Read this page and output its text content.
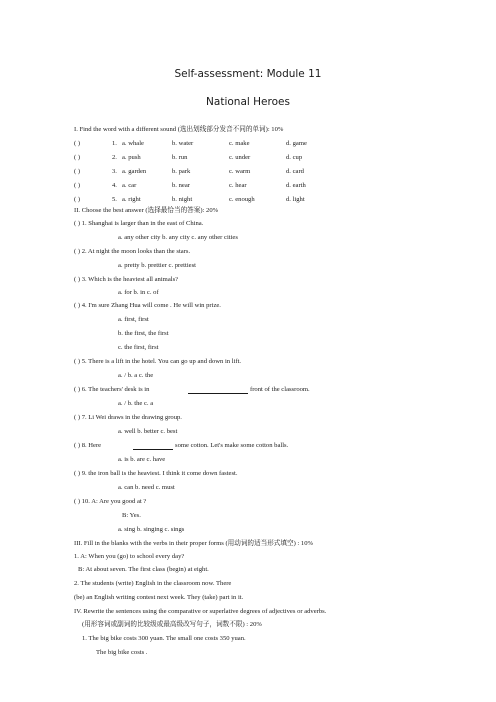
Self-assessment: Module 11
National Heroes
I. Find the word with a different sound (选出划线部分发音不同的单词): 10%
( )	1. a. whale	b. water	c. make	d. game
( )	2. a. push	b. run	c. under	d. cup
( )	3. a. garden	b. park	c. warm	d. card
( )	4. a. car	b. near	c. hear	d. earth
( )	5. a. right	b. night	c. enough	d. light
II. Choose the best answer (选择最恰当的答案): 20%
( ) 1. Shanghai is larger than in the east of China.
a. any other city b. any city c. any other cities
( ) 2. At night the moon looks than the stars.
a. pretty b. prettier c. prettiest
( ) 3. Which is the heaviest all animals?
a. for b. in c. of
( ) 4. I'm sure Zhang Hua will come . He will win prize.
a. first, first
b. the first, the first
c. the first, first
( ) 5. There is a lift in the hotel. You can go up and down in lift.
a. / b. a c. the
( ) 6. The teachers' desk is in	front of the classroom.
a. / b. the c. a
( ) 7. Li Wei draws in the drawing group.
a. well b. better c. best
( ) 8. Here	some cotton. Let's make some cotton balls.
a. is b. are c. have
( ) 9. the iron ball is the heaviest. I think it come down fastest.
a. can b. need c. must
( ) 10. A: Are you good at ?
B: Yes.
a. sing b. singing c. sings
III. Fill in the blanks with the verbs in their proper forms (用动词的适当形式填空) : 10%
1. A: When you (go) to school every day?
B: At about seven. The first class (begin) at eight.
2. The students (write) English in the classroom now. There
(be) an English writing contest next week. They (take) part in it.
IV. Rewrite the sentences using the comparative or superlative degrees of adjectives or adverbs.
(用形容词或副词的比较级或最高级改写句子，词数不限) : 20%
1. The big bike costs 300 yuan. The small one costs 350 yuan.
The big bike costs .
